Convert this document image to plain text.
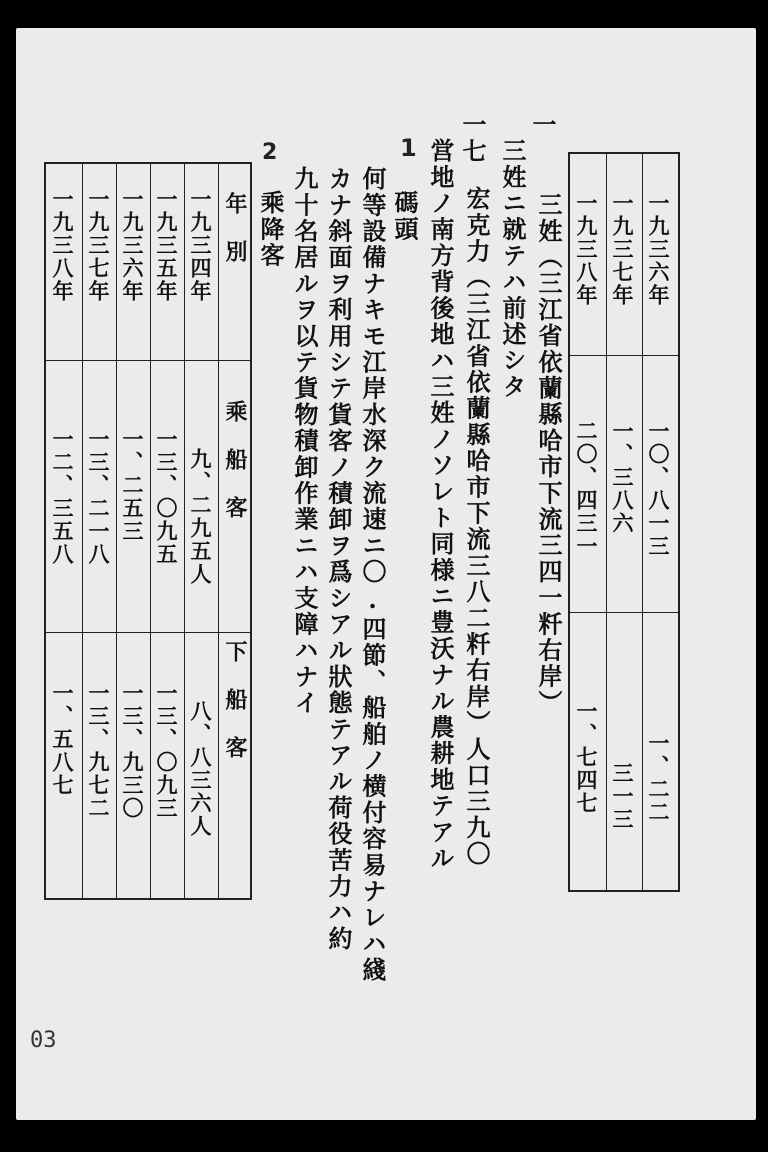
一九三六年
一〇、八一三
一、二二
一九三七年
一、三八六
三一三
一九三八年
二〇、四三一
一、七四七
一
三姓（三江省依蘭縣哈市下流三四一粁右岸）
三姓ニ就テハ前述シタ
一七
宏克力（三江省依蘭縣哈市下流三八二粁右岸）人口三九〇
営地ノ南方背後地ハ三姓ノソレト同様ニ豊沃ナル農耕地テアル
1
碼頭
何等設備ナキモ江岸水深ク流速ニ〇.四節、船舶ノ横付容易ナレハ綫
カナ斜面ヲ利用シテ貨客ノ積卸ヲ爲シアル狀態テアル荷役苦力ハ約
九十名居ルヲ以テ貨物積卸作業ニハ支障ハナイ
2
乘降客
年　別
乘　船　客
下　船　客
一九三四年
九、二九五人
八、八三六人
一九三五年
一三、〇九五
一三、〇九三
一九三六年
一、二五三
一三、九三〇
一九三七年
一三、二一八
一三、九七二
一九三八年
一二、三五八
一、五八七
03
